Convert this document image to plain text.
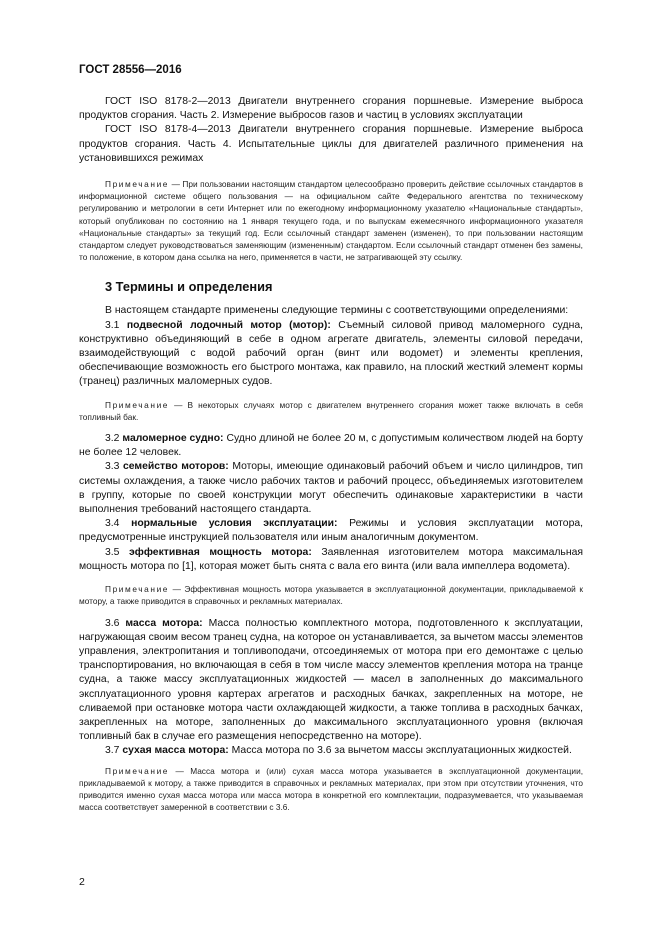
ГОСТ 28556—2016

ГОСТ ISO 8178-2—2013 Двигатели внутреннего сгорания поршневые. Измерение выброса продуктов сгорания. Часть 2. Измерение выбросов газов и частиц в условиях эксплуатации

ГОСТ ISO 8178-4—2013 Двигатели внутреннего сгорания поршневые. Измерение выброса продуктов сгорания. Часть 4. Испытательные циклы для двигателей различного применения на установившихся режимах

Примечание — При пользовании настоящим стандартом целесообразно проверить действие ссылочных стандартов в информационной системе общего пользования — на официальном сайте Федерального агентства по техническому регулированию и метрологии в сети Интернет или по ежегодному информационному указателю «Национальные стандарты», который опубликован по состоянию на 1 января текущего года, и по выпускам ежемесячного информационного указателя «Национальные стандарты» за текущий год. Если ссылочный стандарт заменен (изменен), то при пользовании настоящим стандартом следует руководствоваться заменяющим (измененным) стандартом. Если ссылочный стандарт отменен без замены, то положение, в котором дана ссылка на него, применяется в части, не затрагивающей эту ссылку.

3 Термины и определения

В настоящем стандарте применены следующие термины с соответствующими определениями:

3.1 подвесной лодочный мотор (мотор): Съемный силовой привод маломерного судна, конструктивно объединяющий в себе в одном агрегате двигатель, элементы силовой передачи, взаимодействующий с водой рабочий орган (винт или водомет) и элементы крепления, обеспечивающие возможность его быстрого монтажа, как правило, на плоский жесткий элемент кормы (транец) различных маломерных судов.

Примечание — В некоторых случаях мотор с двигателем внутреннего сгорания может также включать в себя топливный бак.

3.2 маломерное судно: Судно длиной не более 20 м, с допустимым количеством людей на борту не более 12 человек.

3.3 семейство моторов: Моторы, имеющие одинаковый рабочий объем и число цилиндров, тип системы охлаждения, а также число рабочих тактов и рабочий процесс, объединяемых изготовителем в группу, которые по своей конструкции могут обеспечить одинаковые характеристики в части выполнения требований настоящего стандарта.

3.4 нормальные условия эксплуатации: Режимы и условия эксплуатации мотора, предусмотренные инструкцией пользователя или иным аналогичным документом.

3.5 эффективная мощность мотора: Заявленная изготовителем мотора максимальная мощность мотора по [1], которая может быть снята с вала его винта (или вала импеллера водомета).

Примечание — Эффективная мощность мотора указывается в эксплуатационной документации, прикладываемой к мотору, а также приводится в справочных и рекламных материалах.

3.6 масса мотора: Масса полностью комплектного мотора, подготовленного к эксплуатации, нагружающая своим весом транец судна, на которое он устанавливается, за вычетом массы элементов управления, электропитания и топливоподачи, отсоединяемых от мотора при его демонтаже с целью транспортирования, но включающая в себя в том числе массу элементов крепления мотора на транце судна, а также массу эксплуатационных жидкостей — масел в заполненных до максимального эксплуатационного уровня картерах агрегатов и расходных бачках, закрепленных на моторе, не сливаемой при остановке мотора части охлаждающей жидкости, а также топлива в расходных бачках, закрепленных на моторе, заполненных до максимального эксплуатационного уровня (включая топливный бак в случае его размещения непосредственно на моторе).

3.7 сухая масса мотора: Масса мотора по 3.6 за вычетом массы эксплуатационных жидкостей.

Примечание — Масса мотора и (или) сухая масса мотора указывается в эксплуатационной документации, прикладываемой к мотору, а также приводится в справочных и рекламных материалах, при этом при отсутствии уточнения, что приводится именно сухая масса мотора или масса мотора в конкретной его комплектации, подразумевается, что указываемая масса соответствует замеренной в соответствии с 3.6.

2
